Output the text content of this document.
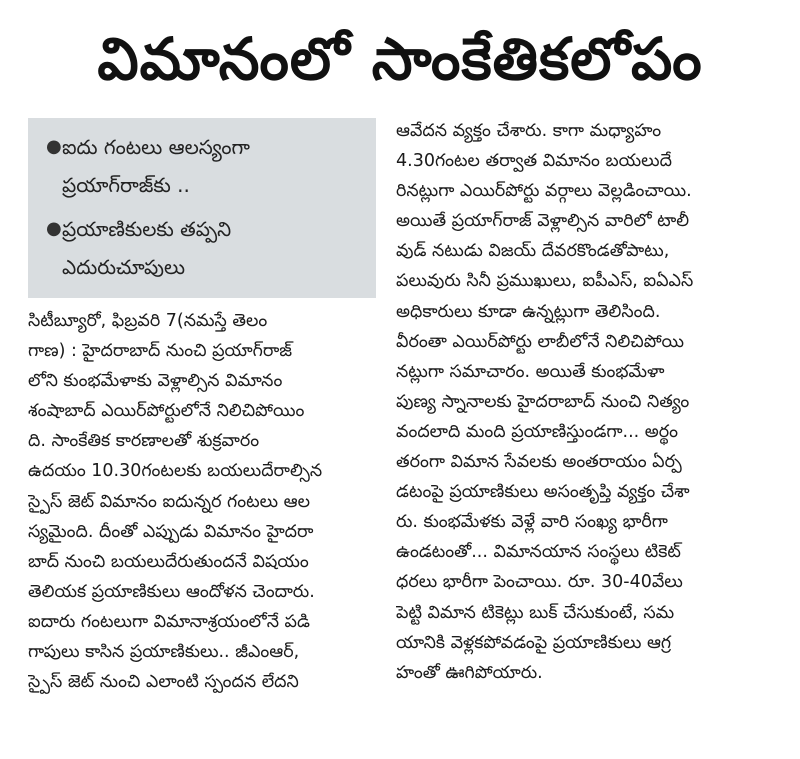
విమానంలో సాంకేతికలోపం
● ఐదు గంటలు ఆలస్యంగా
ప్రయాగ్‌రాజ్‌కు ..
● ప్రయాణికులకు తప్పని
ఎదురుచూపులు
సిటీబ్యూరో, ఫిబ్రవరి 7(నమస్తే తెలం
గాణ) : హైదరాబాద్ నుంచి ప్రయాగ్‌రాజ్
లోని కుంభమేళాకు వెళ్లాల్సిన విమానం
శంషాబాద్ ఎయిర్‌పోర్టులోనే నిలిచిపోయిం
ది. సాంకేతిక కారణాలతో శుక్రవారం
ఉదయం 10.30గంటలకు బయలుదేరాల్సిన
స్పైస్ జెట్ విమానం ఐదున్నర గంటలు ఆల
స్యమైంది. దీంతో ఎప్పుడు విమానం హైదరా
బాద్ నుంచి బయలుదేరుతుందనే విషయం
తెలియక ప్రయాణికులు ఆందోళన చెందారు.
ఐదారు గంటలుగా విమానాశ్రయంలోనే పడి
గాపులు కాసిన ప్రయాణికులు.. జీఎంఆర్,
స్పైస్ జెట్ నుంచి ఎలాంటి స్పందన లేదని
ఆవేదన వ్యక్తం చేశారు. కాగా మధ్యాహం
4.30గంటల తర్వాత విమానం బయలుదే
రినట్లుగా ఎయిర్‌పోర్టు వర్గాలు వెల్లడించాయి.
అయితే ప్రయాగ్‌రాజ్ వెళ్లాల్సిన వారిలో టాలీ
వుడ్ నటుడు విజయ్ దేవరకొండతోపాటు,
పలువురు సినీ ప్రముఖులు, ఐపీఎస్, ఐఏఎస్
అధికారులు కూడా ఉన్నట్లుగా తెలిసింది.
వీరంతా ఎయిర్‌పోర్టు లాబీలోనే నిలిచిపోయి
నట్లుగా సమాచారం. అయితే కుంభమేళా
పుణ్య స్నానాలకు హైదరాబాద్ నుంచి నిత్యం
వందలాది మంది ప్రయాణిస్తుండగా... అర్థం
తరంగా విమాన సేవలకు అంతరాయం ఏర్ప
డటంపై ప్రయాణికులు అసంతృప్తి వ్యక్తం చేశా
రు. కుంభమేళకు వెళ్లే వారి సంఖ్య భారీగా
ఉండటంతో... విమానయాన సంస్థలు టికెట్
ధరలు భారీగా పెంచాయి. రూ. 30-40వేలు
పెట్టి విమాన టికెట్లు బుక్ చేసుకుంటే, సమ
యానికి వెళ్లకపోవడంపై ప్రయాణికులు ఆగ్ర
హంతో ఊగిపోయారు.
